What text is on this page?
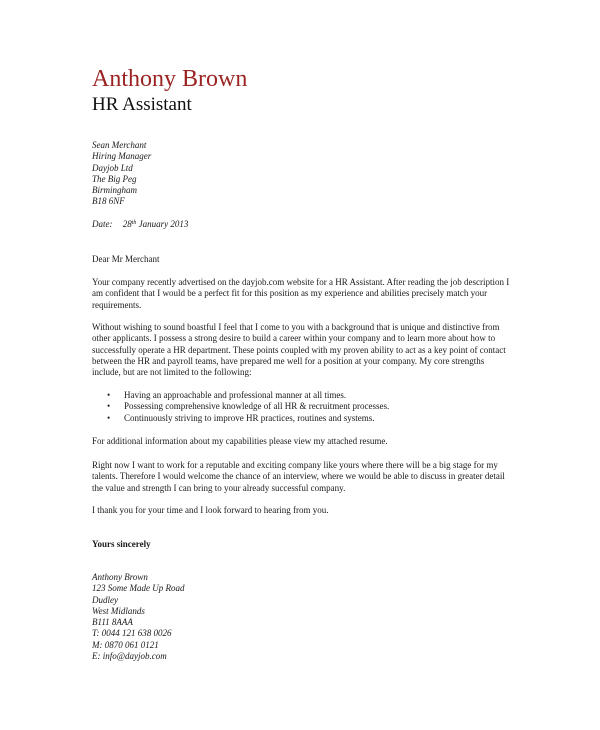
Anthony Brown
HR Assistant
Sean Merchant
Hiring Manager
Dayjob Ltd
The Big Peg
Birmingham
B18 6NF
Date: 28th January 2013

Dear Mr Merchant

Your company recently advertised on the dayjob.com website for a HR Assistant. After reading the job description I am confident that I would be a perfect fit for this position as my experience and abilities precisely match your requirements.

Without wishing to sound boastful I feel that I come to you with a background that is unique and distinctive from other applicants. I possess a strong desire to build a career within your company and to learn more about how to successfully operate a HR department. These points coupled with my proven ability to act as a key point of contact between the HR and payroll teams, have prepared me well for a position at your company. My core strengths include, but are not limited to the following:

• Having an approachable and professional manner at all times.
• Possessing comprehensive knowledge of all HR & recruitment processes.
• Continuously striving to improve HR practices, routines and systems.

For additional information about my capabilities please view my attached resume.

Right now I want to work for a reputable and exciting company like yours where there will be a big stage for my talents. Therefore I would welcome the chance of an interview, where we would be able to discuss in greater detail the value and strength I can bring to your already successful company.

I thank you for your time and I look forward to hearing from you.

Yours sincerely
Anthony Brown
123 Some Made Up Road
Dudley
West Midlands
B111 8AAA
T: 0044 121 638 0026
M: 0870 061 0121
E: info@dayjob.com
